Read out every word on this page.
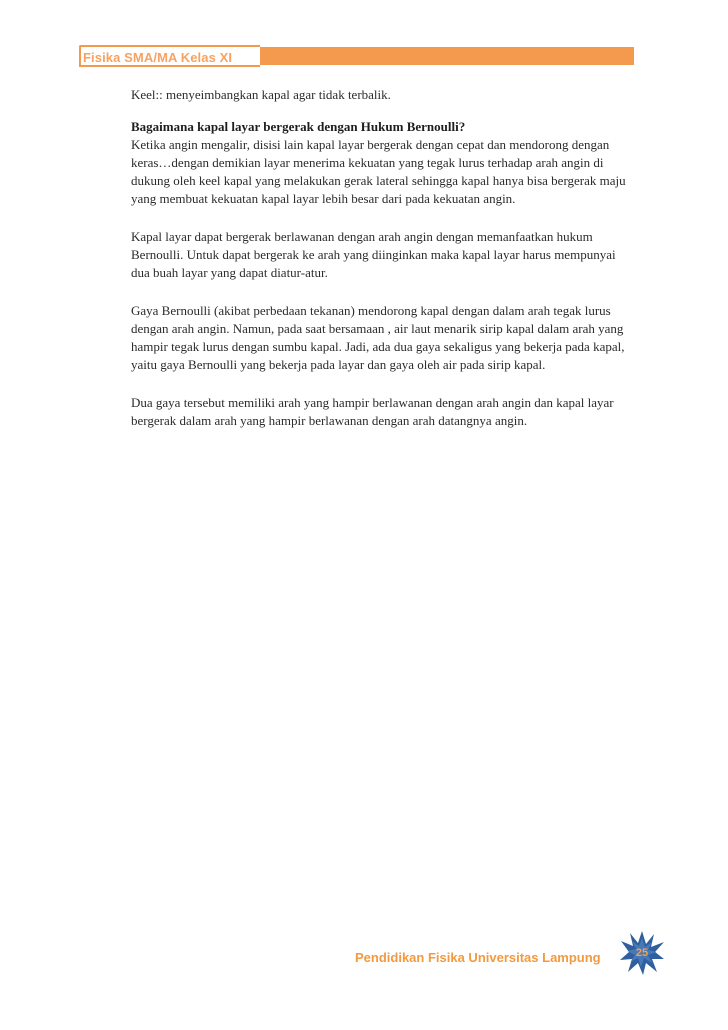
Fisika SMA/MA Kelas XI

Keel:: menyeimbangkan kapal agar tidak terbalik.

Bagaimana kapal layar bergerak dengan Hukum Bernoulli?

Ketika angin mengalir, disisi lain kapal layar bergerak dengan cepat dan mendorong dengan keras…dengan demikian layar menerima kekuatan yang tegak lurus terhadap arah angin di dukung oleh keel kapal yang melakukan gerak lateral sehingga kapal hanya bisa bergerak maju yang membuat kekuatan kapal layar lebih besar dari pada kekuatan angin.

Kapal layar dapat bergerak berlawanan dengan arah angin dengan memanfaatkan hukum Bernoulli. Untuk dapat bergerak ke arah yang diinginkan maka kapal layar harus mempunyai dua buah layar yang dapat diatur-atur.

Gaya Bernoulli (akibat perbedaan tekanan) mendorong kapal dengan dalam arah tegak lurus dengan arah angin. Namun, pada saat bersamaan , air laut menarik sirip kapal dalam arah yang hampir tegak lurus dengan sumbu kapal. Jadi, ada dua gaya sekaligus yang bekerja pada kapal, yaitu gaya Bernoulli yang bekerja pada layar dan gaya oleh air pada sirip kapal.

Dua gaya tersebut memiliki arah yang hampir berlawanan dengan arah angin dan kapal layar bergerak dalam arah yang hampir berlawanan dengan arah datangnya angin.

Pendidikan Fisika Universitas Lampung	25
